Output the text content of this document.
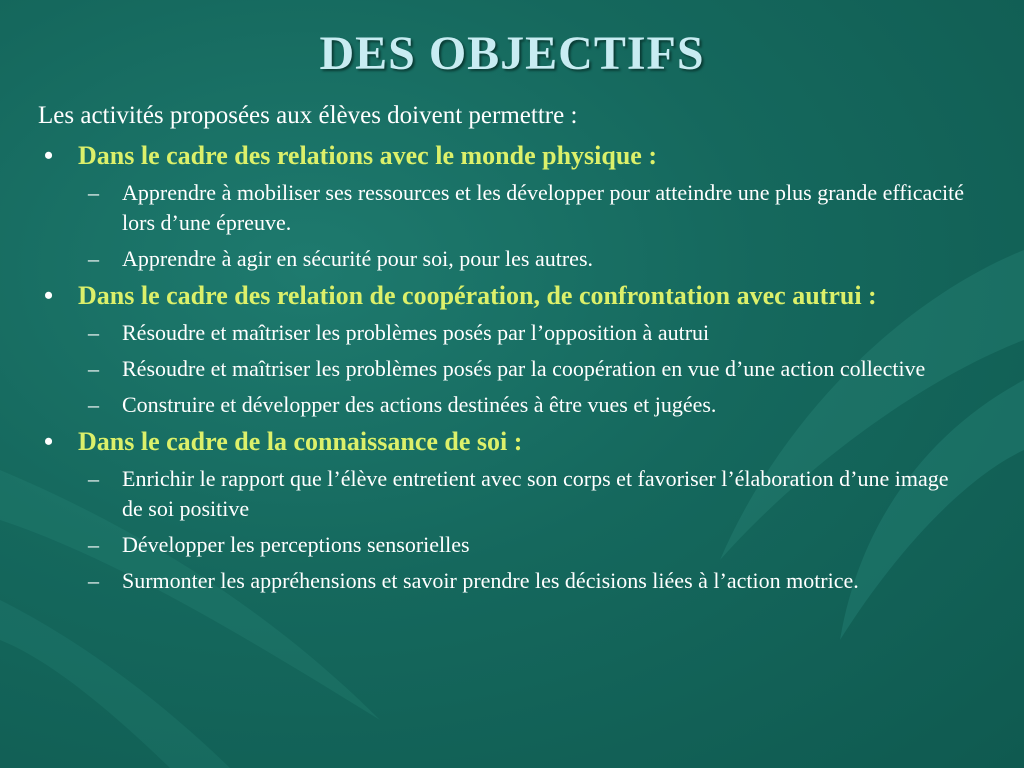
DES OBJECTIFS
Les activités proposées aux élèves doivent permettre :
• Dans le cadre des relations avec le monde physique :
– Apprendre à mobiliser ses ressources et les développer pour atteindre une plus grande efficacité lors d’une épreuve.
– Apprendre à agir en sécurité pour soi, pour les autres.
• Dans le cadre des relation de coopération, de confrontation avec autrui :
– Résoudre et maîtriser les problèmes posés par l’opposition à autrui
– Résoudre et maîtriser les problèmes posés par la coopération en vue d’une action collective
– Construire et développer des actions destinées à être vues et jugées.
• Dans le cadre de la connaissance de soi :
– Enrichir le rapport que l’élève entretient avec son corps et favoriser l’élaboration d’une image de soi positive
– Développer les perceptions sensorielles
– Surmonter les appréhensions et savoir prendre les décisions liées à l’action motrice.
